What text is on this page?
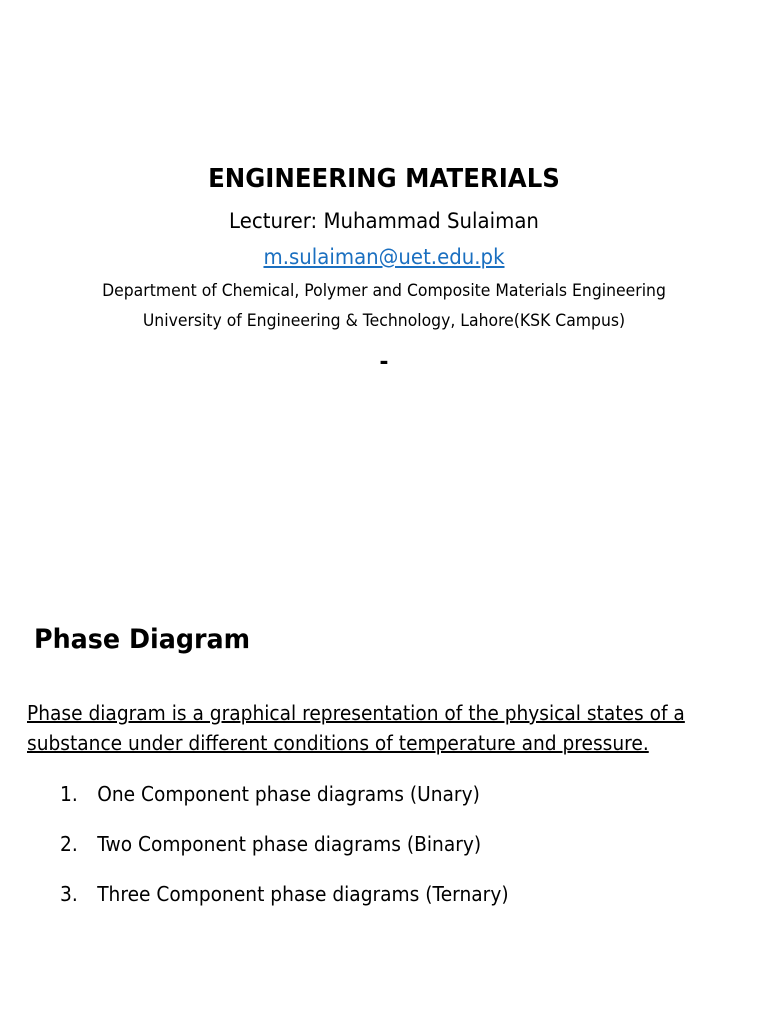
ENGINEERING MATERIALS
Lecturer: Muhammad Sulaiman
m.sulaiman@uet.edu.pk
Department of Chemical, Polymer and Composite Materials Engineering
University of Engineering & Technology, Lahore(KSK Campus)
-
Phase Diagram
Phase diagram is a graphical representation of the physical states of a substance under different conditions of temperature and pressure.
1. One Component phase diagrams (Unary)
2. Two Component phase diagrams (Binary)
3. Three Component phase diagrams (Ternary)
